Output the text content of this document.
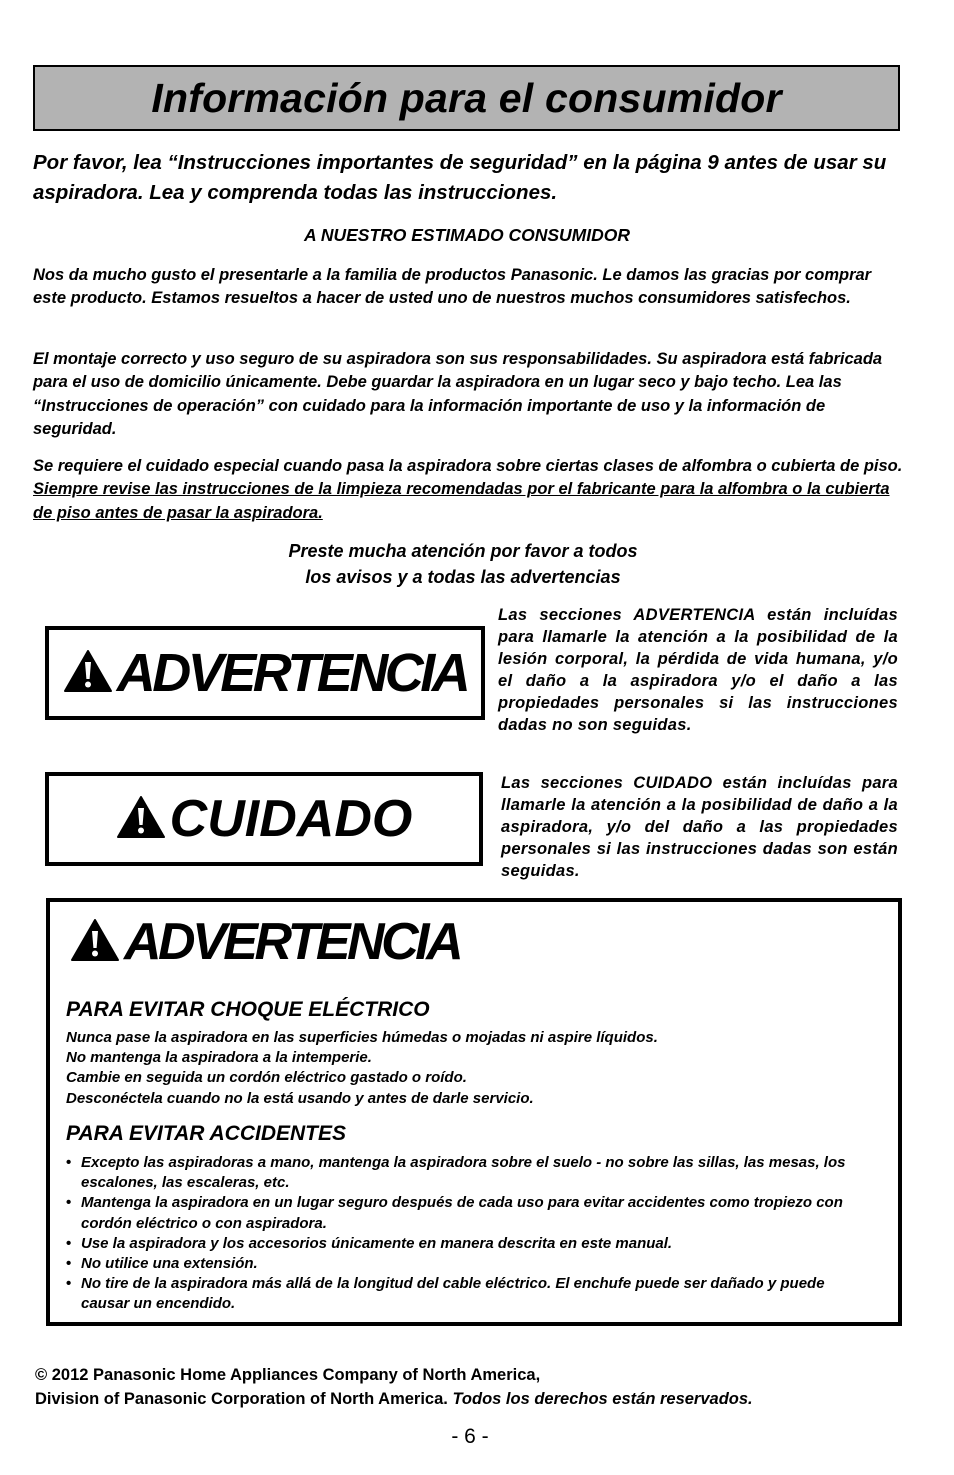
Información para el consumidor
Por favor, lea “Instrucciones importantes de seguridad” en la página 9 antes de usar su aspiradora. Lea y comprenda todas las instrucciones.
A NUESTRO ESTIMADO CONSUMIDOR
Nos da mucho gusto el presentarle a la familia de productos Panasonic. Le damos las gracias por comprar este producto. Estamos resueltos a hacer de usted uno de nuestros muchos consumidores satisfechos.
El montaje correcto y uso seguro de su aspiradora son sus responsabilidades. Su aspiradora está fabricada para el uso de domicilio únicamente. Debe guardar la aspiradora en un lugar seco y bajo techo. Lea las “Instrucciones de operación” con cuidado para la información importante de uso y la información de seguridad.
Se requiere el cuidado especial cuando pasa la aspiradora sobre ciertas clases de alfombra o cubierta de piso. Siempre revise las instrucciones de la limpieza recomendadas por el fabricante para la alfombra o la cubierta de piso antes de pasar la aspiradora.
Preste mucha atención por favor a todos
los avisos y a todas las advertencias
ADVERTENCIA
Las secciones ADVERTENCIA están incluídas para llamarle la atención a la posibilidad de la lesión corporal, la pérdida de vida humana, y/o el daño a la aspiradora y/o el daño a las propiedades personales si las instrucciones dadas no son seguidas.
CUIDADO
Las secciones CUIDADO están incluídas para llamarle la atención a la posibilidad de daño a la aspiradora, y/o del daño a las propiedades personales si las instrucciones dadas son están seguidas.
ADVERTENCIA
PARA EVITAR CHOQUE ELÉCTRICO
Nunca pase la aspiradora en las superficies húmedas o mojadas ni aspire líquidos.
No mantenga la aspiradora a la intemperie.
Cambie en seguida un cordón eléctrico gastado o roído.
Desconéctela cuando no la está usando y antes de darle servicio.
PARA EVITAR ACCIDENTES
• Excepto las aspiradoras a mano, mantenga la aspiradora sobre el suelo - no sobre las sillas, las mesas, los escalones, las escaleras, etc.
• Mantenga la aspiradora en un lugar seguro después de cada uso para evitar accidentes como tropiezo con cordón eléctrico o con aspiradora.
• Use la aspiradora y los accesorios únicamente en manera descrita en este manual.
• No utilice una extensión.
• No tire de la aspiradora más allá de la longitud del cable eléctrico. El enchufe puede ser dañado y puede causar un encendido.
© 2012 Panasonic Home Appliances Company of North America,
Division of Panasonic Corporation of North America. Todos los derechos están reservados.
- 6 -
